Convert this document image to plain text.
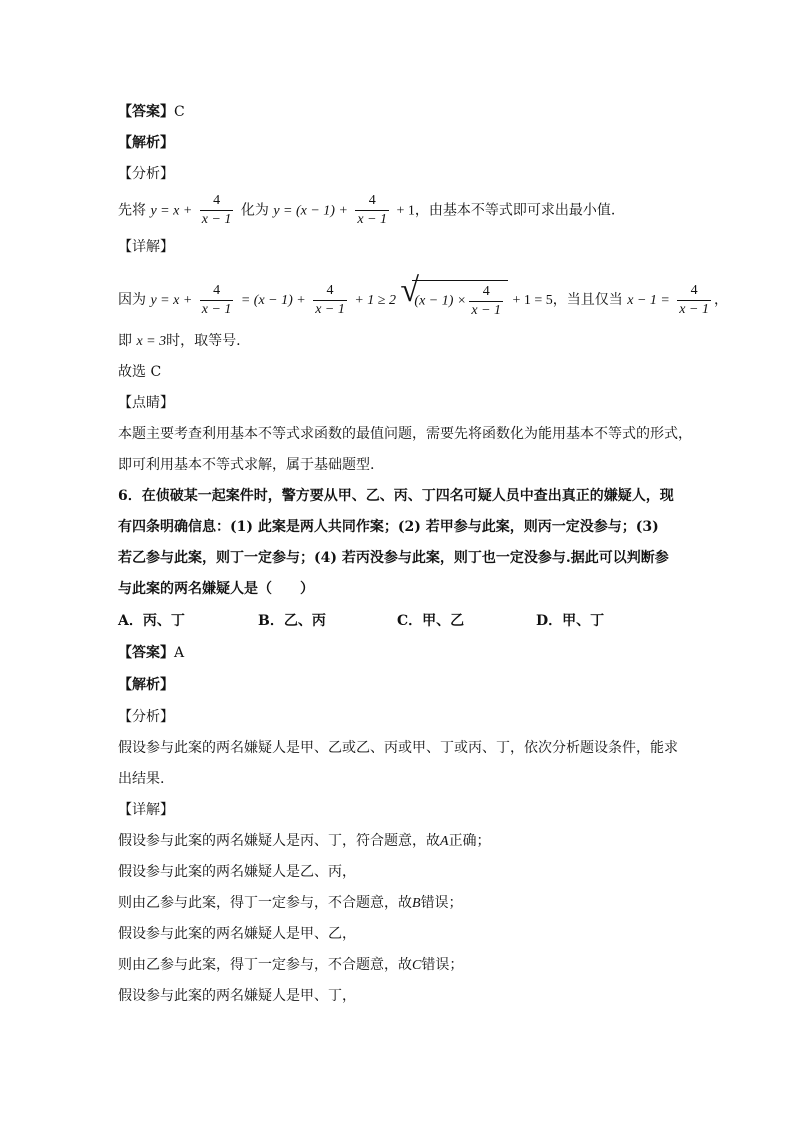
【答案】C
【解析】
【分析】
先将 $y = x + \frac{4}{x - 1}$ 化为 $y = (x - 1) + \frac{4}{x - 1} + 1$，由基本不等式即可求出最小值.
【详解】
因为 $y = x + \frac{4}{x - 1} = (x - 1) + \frac{4}{x - 1} + 1 \ge 2$ √
$(x - 1) \times \frac{4}{x - 1} + 1 = 5$，当且仅当 $x - 1 = \frac{4}{x - 1}$ ，
即 x = 3时，取等号.
故选 C
【点睛】
本题主要考查利用基本不等式求函数的最值问题，需要先将函数化为能用基本不等式的形式，
即可利用基本不等式求解，属于基础题型.
6．在侦破某一起案件时，警方要从甲、乙、丙、丁四名可疑人员中查出真正的嫌疑人，现
有四条明确信息：(1) 此案是两人共同作案；(2) 若甲参与此案，则丙一定没参与；(3)
若乙参与此案，则丁一定参与；(4) 若丙没参与此案，则丁也一定没参与.据此可以判断参
与此案的两名嫌疑人是（　　）
A．丙、丁	B．乙、丙	C．甲、乙	D．甲、丁
【答案】A
【解析】
【分析】
假设参与此案的两名嫌疑人是甲、乙或乙、丙或甲、丁或丙、丁，依次分析题设条件，能求
出结果.
【详解】
假设参与此案的两名嫌疑人是丙、丁，符合题意，故A正确；
假设参与此案的两名嫌疑人是乙、丙，
则由乙参与此案，得丁一定参与，不合题意，故B错误；
假设参与此案的两名嫌疑人是甲、乙，
则由乙参与此案，得丁一定参与，不合题意，故C错误；
假设参与此案的两名嫌疑人是甲、丁，
